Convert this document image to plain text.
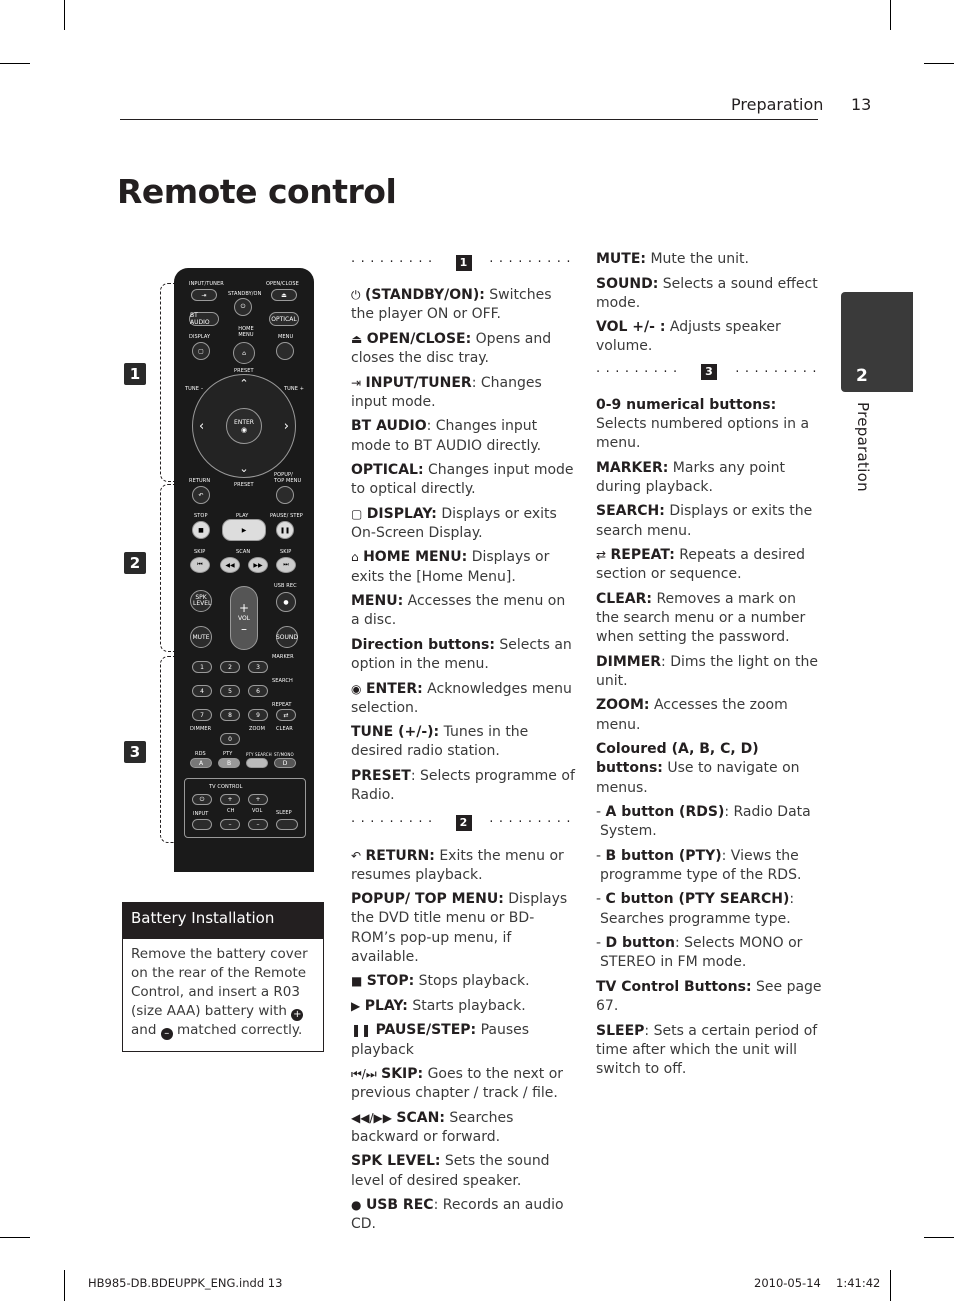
Preparation 13
Remote control
2
Preparation
1
2
3
INPUT/TUNER
STANDBY/ON
OPEN/CLOSE
⇥
⏻
⏏
BT AUDIO	OPTICAL
DISPLAY
HOME MENU	MENU
▢	⌂
PRESET
TUNE –	TUNE +
⌃
⌄
‹	›
ENTER
◉
RETURN
PRESET
POPUP/ TOP MENU
↶
STOP	PLAY	PAUSE/ STEP
■	▶	❚❚
SKIP	SCAN	SKIP
⏮	◀◀	▶▶	⏭
USB REC
SPK LEVEL +
VOL
–
●
MUTE	SOUND
MARKER
1	2	3
SEARCH
4	5	6
REPEAT
7	8	9	⇄
DIMMER	ZOOM CLEAR
0
RDS	PTY	PTY SEARCH ST/MONO
A	B	C	D
TV CONTROL
⏻	+	+
INPUT	CH	VOL	SLEEP
–	–
Battery Installation
Remove the battery cover on the rear of the Remote Control, and insert a R03 (size AAA) battery with + and – matched correctly.
·········	1	·········

⏻ (STANDBY/ON): Switches the player ON or OFF.

⏏ OPEN/CLOSE: Opens and closes the disc tray.

⇥ INPUT/TUNER: Changes input mode.

BT AUDIO: Changes input mode to BT AUDIO directly.

OPTICAL: Changes input mode to optical directly.

▢ DISPLAY: Displays or exits On-Screen Display.

⌂ HOME MENU: Displays or exits the [Home Menu].

MENU: Accesses the menu on a disc.

Direction buttons: Selects an option in the menu.

◉ ENTER: Acknowledges menu selection.

TUNE (+/-): Tunes in the desired radio station.

PRESET: Selects programme of Radio.

·········	2	·········

↶ RETURN: Exits the menu or resumes playback.

POPUP/ TOP MENU: Displays the DVD title menu or BD-ROM’s pop-up menu, if available.

■ STOP: Stops playback.

▶ PLAY: Starts playback.

❚❚ PAUSE/STEP: Pauses playback

⏮/⏭ SKIP: Goes to the next or previous chapter / track / file.

◀◀/▶▶ SCAN: Searches backward or forward.

SPK LEVEL: Sets the sound level of desired speaker.

● USB REC: Records an audio CD.

MUTE: Mute the unit.

SOUND: Selects a sound effect mode.

VOL +/- : Adjusts speaker volume.

·········	3	·········

0-9 numerical buttons: Selects numbered options in a menu.

MARKER: Marks any point during playback.

SEARCH: Displays or exits the search menu.

⇄ REPEAT: Repeats a desired section or sequence.

CLEAR: Removes a mark on the search menu or a number when setting the password.

DIMMER: Dims the light on the unit.

ZOOM: Accesses the zoom menu.

Coloured (A, B, C, D) buttons: Use to navigate on menus.

- A button (RDS): Radio Data System.

- B button (PTY): Views the programme type of the RDS.

- C button (PTY SEARCH): Searches programme type.

- D button: Selects MONO or STEREO in FM mode.

TV Control Buttons: See page 67.

SLEEP: Sets a certain period of time after which the unit will switch to off.

HB985-DB.BDEUPPK_ENG.indd 13	2010-05-14 1:41:42
